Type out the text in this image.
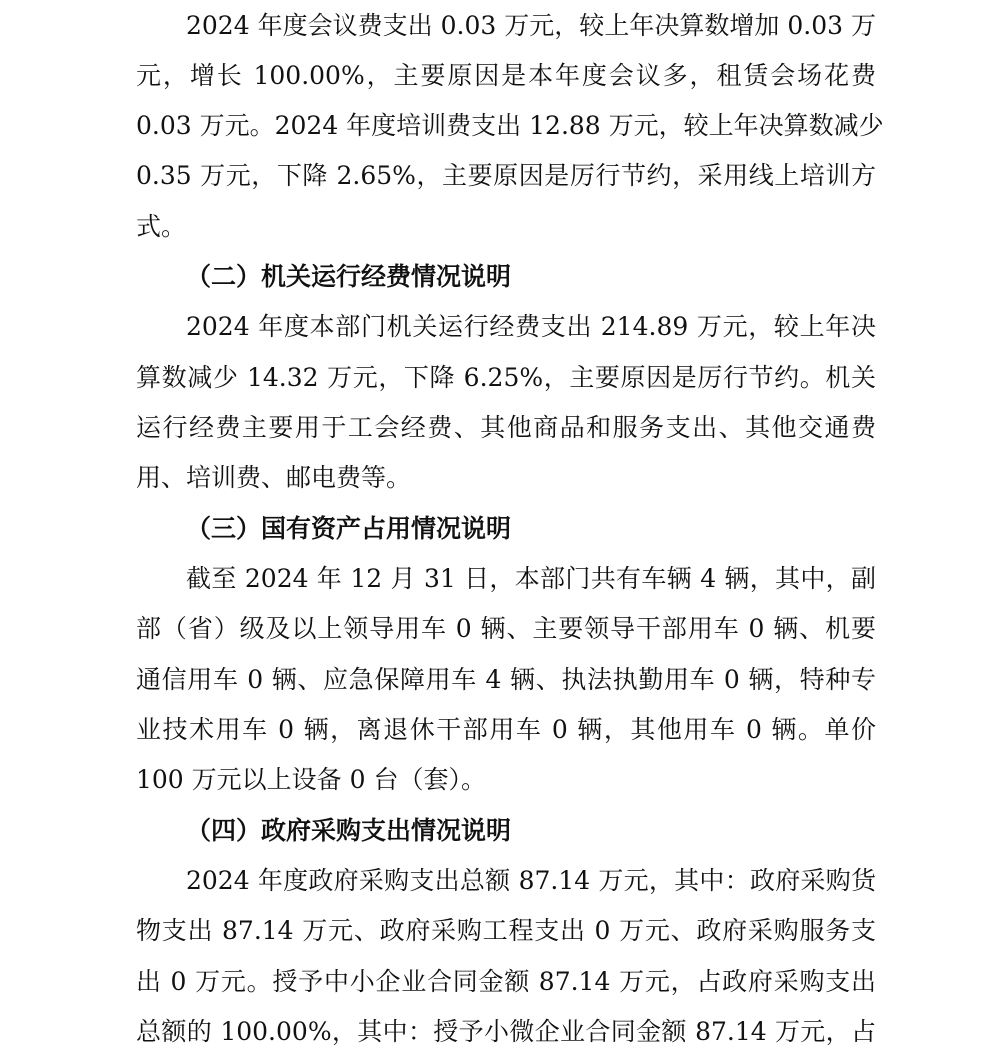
2024 年度会议费支出 0.03 万元，较上年决算数增加 0.03 万
元，增长 100.00%，主要原因是本年度会议多，租赁会场花费
0.03 万元。2024 年度培训费支出 12.88 万元，较上年决算数减少
0.35 万元，下降 2.65%，主要原因是厉行节约，采用线上培训方
式。
（二）机关运行经费情况说明
2024 年度本部门机关运行经费支出 214.89 万元，较上年决
算数减少 14.32 万元，下降 6.25%，主要原因是厉行节约。机关
运行经费主要用于工会经费、其他商品和服务支出、其他交通费
用、培训费、邮电费等。
（三）国有资产占用情况说明
截至 2024 年 12 月 31 日，本部门共有车辆 4 辆，其中，副
部（省）级及以上领导用车 0 辆、主要领导干部用车 0 辆、机要
通信用车 0 辆、应急保障用车 4 辆、执法执勤用车 0 辆，特种专
业技术用车 0 辆，离退休干部用车 0 辆，其他用车 0 辆。单价
100 万元以上设备 0 台（套）。
（四）政府采购支出情况说明
2024 年度政府采购支出总额 87.14 万元，其中：政府采购货
物支出 87.14 万元、政府采购工程支出 0 万元、政府采购服务支
出 0 万元。授予中小企业合同金额 87.14 万元，占政府采购支出
总额的 100.00%，其中：授予小微企业合同金额 87.14 万元，占
